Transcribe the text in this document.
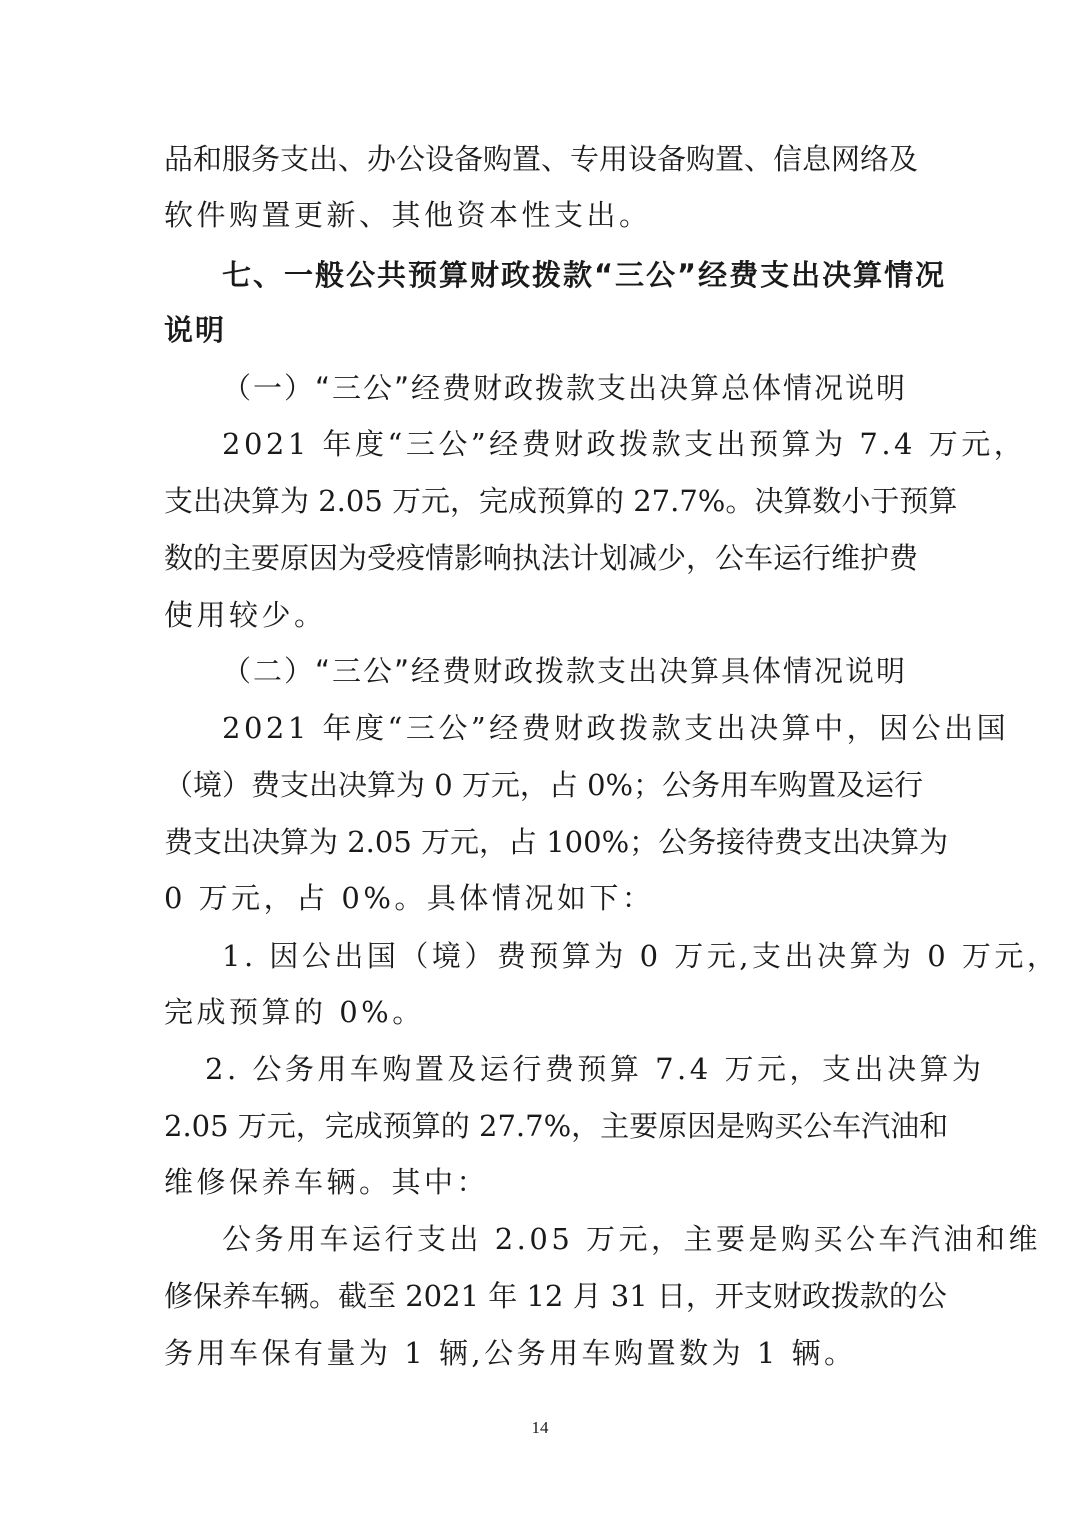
品和服务支出、办公设备购置、专用设备购置、信息网络及
软件购置更新、其他资本性支出。
七、一般公共预算财政拨款“三公”经费支出决算情况
说明
（一）“三公”经费财政拨款支出决算总体情况说明
2021 年度“三公”经费财政拨款支出预算为 7.4 万元，
支出决算为 2.05 万元，完成预算的 27.7%。决算数小于预算
数的主要原因为受疫情影响执法计划减少，公车运行维护费
使用较少。
（二）“三公”经费财政拨款支出决算具体情况说明
2021 年度“三公”经费财政拨款支出决算中，因公出国
（境）费支出决算为 0 万元，占 0%；公务用车购置及运行
费支出决算为 2.05 万元，占 100%；公务接待费支出决算为
0 万元，占 0%。具体情况如下：
1. 因公出国（境）费预算为 0 万元,支出决算为 0 万元，
完成预算的 0%。
2. 公务用车购置及运行费预算 7.4 万元，支出决算为
2.05 万元，完成预算的 27.7%，主要原因是购买公车汽油和
维修保养车辆。其中：
公务用车运行支出 2.05 万元，主要是购买公车汽油和维
修保养车辆。截至 2021 年 12 月 31 日，开支财政拨款的公
务用车保有量为 1 辆,公务用车购置数为 1 辆。
14
